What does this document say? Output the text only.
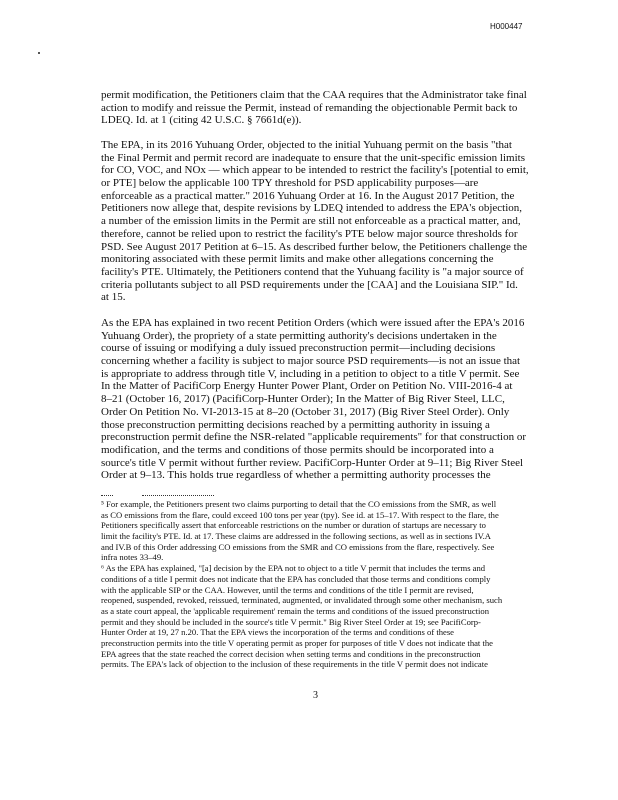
H000447
permit modification, the Petitioners claim that the CAA requires that the Administrator take final
action to modify and reissue the Permit, instead of remanding the objectionable Permit back to
LDEQ. Id. at 1 (citing 42 U.S.C. § 7661d(e)).
The EPA, in its 2016 Yuhuang Order, objected to the initial Yuhuang permit on the basis "that
the Final Permit and permit record are inadequate to ensure that the unit-specific emission limits
for CO, VOC, and NOx — which appear to be intended to restrict the facility's [potential to emit,
or PTE] below the applicable 100 TPY threshold for PSD applicability purposes—are
enforceable as a practical matter." 2016 Yuhuang Order at 16. In the August 2017 Petition, the
Petitioners now allege that, despite revisions by LDEQ intended to address the EPA's objection,
a number of the emission limits in the Permit are still not enforceable as a practical matter, and,
therefore, cannot be relied upon to restrict the facility's PTE below major source thresholds for
PSD. See August 2017 Petition at 6–15. As described further below, the Petitioners challenge the
monitoring associated with these permit limits and make other allegations concerning the
facility's PTE. Ultimately, the Petitioners contend that the Yuhuang facility is "a major source of
criteria pollutants subject to all PSD requirements under the [CAA] and the Louisiana SIP." Id.
at 15.
As the EPA has explained in two recent Petition Orders (which were issued after the EPA's 2016
Yuhuang Order), the propriety of a state permitting authority's decisions undertaken in the
course of issuing or modifying a duly issued preconstruction permit—including decisions
concerning whether a facility is subject to major source PSD requirements—is not an issue that
is appropriate to address through title V, including in a petition to object to a title V permit. See
In the Matter of PacifiCorp Energy Hunter Power Plant, Order on Petition No. VIII-2016-4 at
8–21 (October 16, 2017) (PacifiCorp-Hunter Order); In the Matter of Big River Steel, LLC,
Order On Petition No. VI-2013-15 at 8–20 (October 31, 2017) (Big River Steel Order). Only
those preconstruction permitting decisions reached by a permitting authority in issuing a
preconstruction permit define the NSR-related "applicable requirements" for that construction or
modification, and the terms and conditions of those permits should be incorporated into a
source's title V permit without further review. PacifiCorp-Hunter Order at 9–11; Big River Steel
Order at 9–13. This holds true regardless of whether a permitting authority processes the
⁵ For example, the Petitioners present two claims purporting to detail that the CO emissions from the SMR, as well
as CO emissions from the flare, could exceed 100 tons per year (tpy). See id. at 15–17. With respect to the flare, the
Petitioners specifically assert that enforceable restrictions on the number or duration of startups are necessary to
limit the facility's PTE. Id. at 17. These claims are addressed in the following sections, as well as in sections IV.A
and IV.B of this Order addressing CO emissions from the SMR and CO emissions from the flare, respectively. See
infra notes 33–49.
⁶ As the EPA has explained, "[a] decision by the EPA not to object to a title V permit that includes the terms and
conditions of a title I permit does not indicate that the EPA has concluded that those terms and conditions comply
with the applicable SIP or the CAA. However, until the terms and conditions of the title I permit are revised,
reopened, suspended, revoked, reissued, terminated, augmented, or invalidated through some other mechanism, such
as a state court appeal, the 'applicable requirement' remain the terms and conditions of the issued preconstruction
permit and they should be included in the source's title V permit." Big River Steel Order at 19; see PacifiCorp-
Hunter Order at 19, 27 n.20. That the EPA views the incorporation of the terms and conditions of these
preconstruction permits into the title V operating permit as proper for purposes of title V does not indicate that the
EPA agrees that the state reached the correct decision when setting terms and conditions in the preconstruction
permits. The EPA's lack of objection to the inclusion of these requirements in the title V permit does not indicate
3
